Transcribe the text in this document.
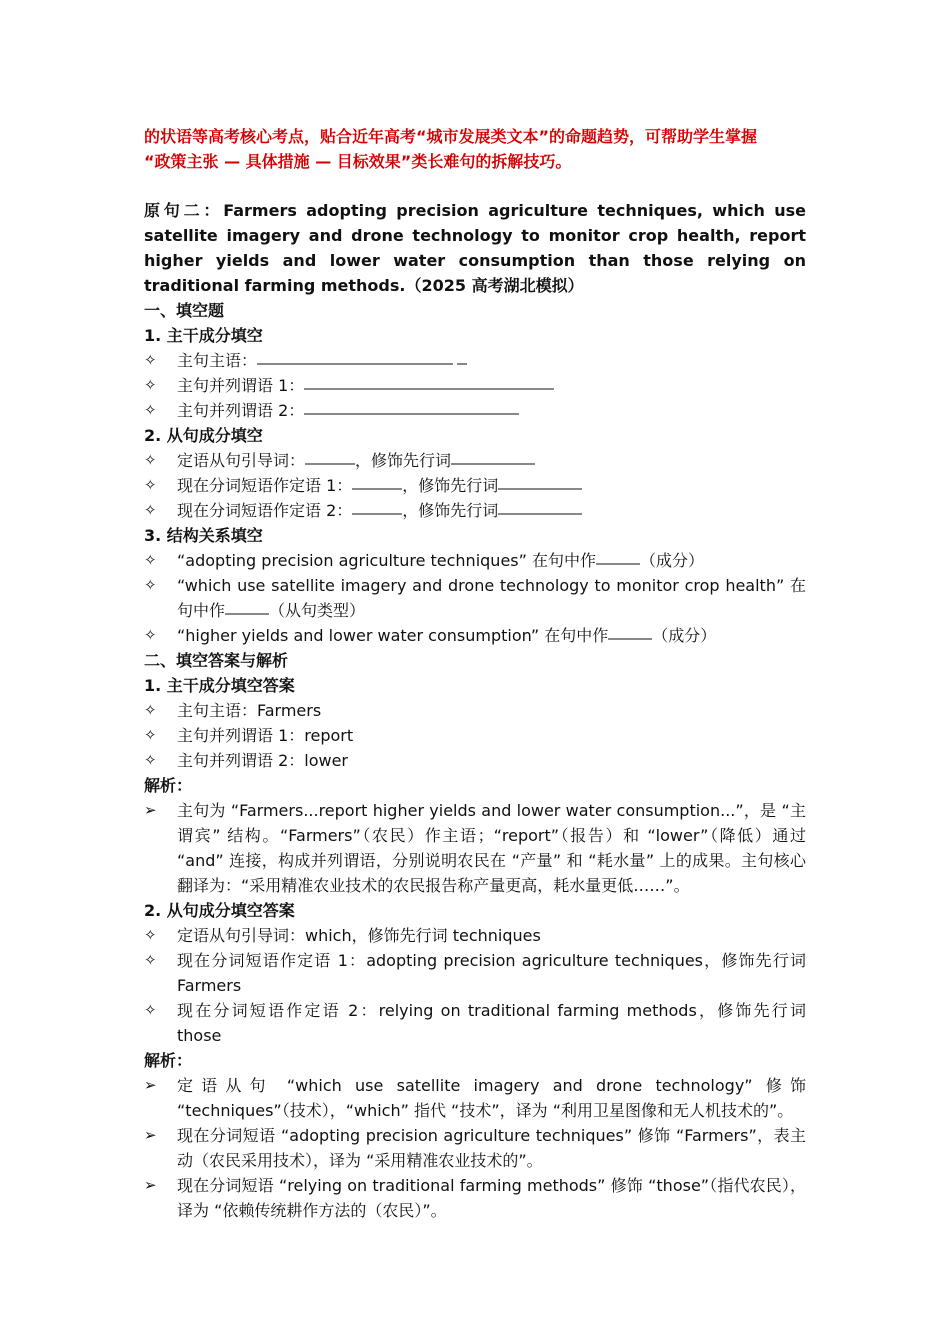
的状语等高考核心考点，贴合近年高考“城市发展类文本”的命题趋势，可帮助学生掌握
“政策主张 — 具体措施 — 目标效果”类长难句的拆解技巧。

原句二：Farmers adopting precision agriculture techniques, which use satellite imagery and drone technology to monitor crop health, report higher yields and lower water consumption than those relying on traditional farming methods.（2025 高考湖北模拟）

一、填空题
1. 主干成分填空
✧	主句主语：
✧	主句并列谓语 1：
✧	主句并列谓语 2：
2. 从句成分填空
✧	定语从句引导词：	，修饰先行词
✧	现在分词短语作定语 1：	，修饰先行词
✧	现在分词短语作定语 2：	，修饰先行词
3. 结构关系填空
✧	“adopting precision agriculture techniques” 在句中作	（成分）
✧	“which use satellite imagery and drone technology to monitor crop health” 在句中作	（从句类型）
✧	“higher yields and lower water consumption” 在句中作	（成分）
二、填空答案与解析
1. 主干成分填空答案
✧	主句主语：Farmers
✧	主句并列谓语 1：report
✧	主句并列谓语 2：lower
解析：
➢	主句为 “Farmers...report higher yields and lower water consumption...”，是 “主谓宾” 结构。“Farmers”（农民）作主语；“report”（报告）和 “lower”（降低）通过 “and” 连接，构成并列谓语，分别说明农民在 “产量” 和 “耗水量” 上的成果。主句核心翻译为：“采用精准农业技术的农民报告称产量更高，耗水量更低……”。
2. 从句成分填空答案
✧	定语从句引导词：which，修饰先行词 techniques
✧	现在分词短语作定语 1：adopting precision agriculture techniques，修饰先行词 Farmers
✧	现在分词短语作定语 2：relying on traditional farming methods，修饰先行词 those
解析：
➢	定语从句 “which use satellite imagery and drone technology” 修饰 “techniques”（技术），“which” 指代 “技术”，译为 “利用卫星图像和无人机技术的”。
➢	现在分词短语 “adopting precision agriculture techniques” 修饰 “Farmers”，表主动（农民采用技术），译为 “采用精准农业技术的”。
➢	现在分词短语 “relying on traditional farming methods” 修饰 “those”（指代农民），译为 “依赖传统耕作方法的（农民）”。
